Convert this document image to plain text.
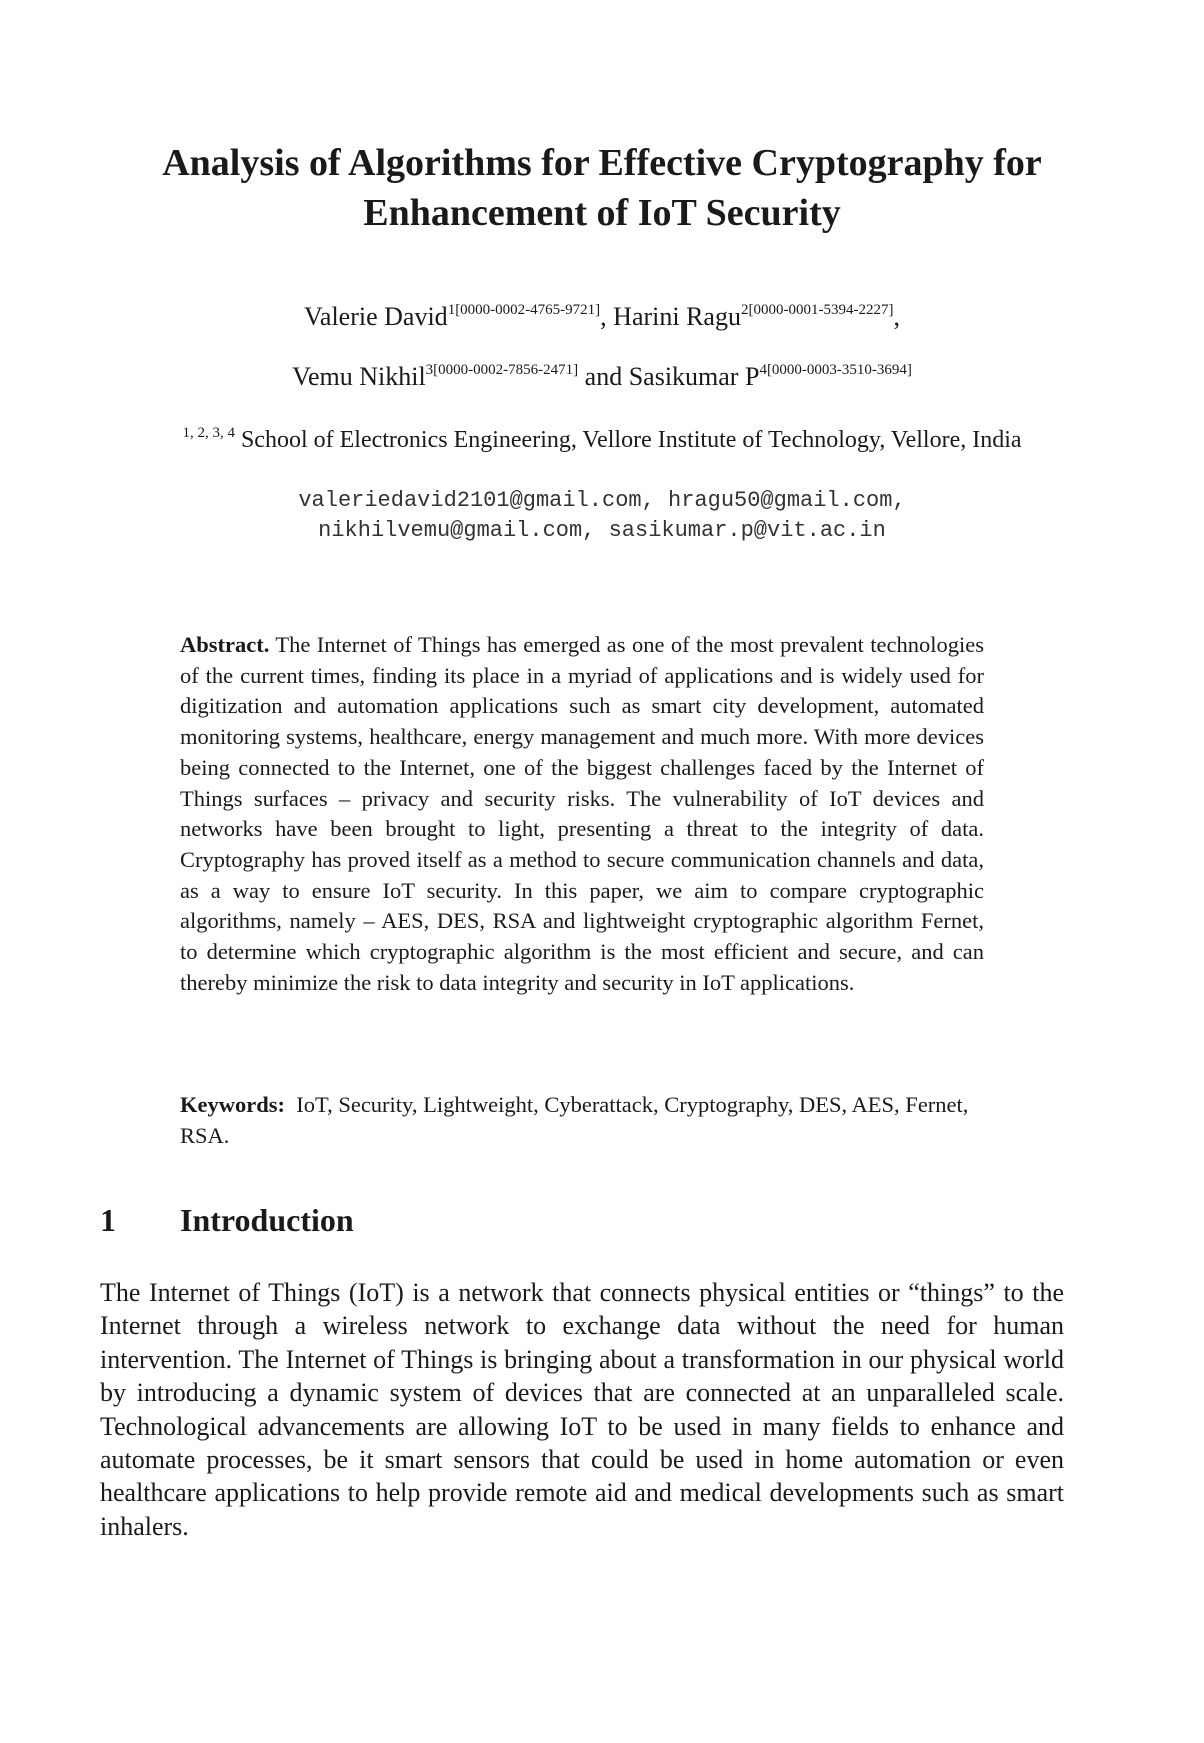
Analysis of Algorithms for Effective Cryptography for Enhancement of IoT Security

Valerie David$^{1[0000-0002-4765-9721]}$, Harini Ragu$^{2[0000-0001-5394-2227]}$,

Vemu Nikhil$^{3[0000-0002-7856-2471]}$ and Sasikumar $P^{4[0000-0003-3510-3694]}$

$^{1, 2, 3, 4}$ School of Electronics Engineering, Vellore Institute of Technology, Vellore, India

valeriedavid2101@gmail.com, hragu50@gmail.com,
nikhilvemu@gmail.com, sasikumar.p@vit.ac.in

Abstract. The Internet of Things has emerged as one of the most prevalent technologies of the current times, finding its place in a myriad of applications and is widely used for digitization and automation applications such as smart city development, automated monitoring systems, healthcare, energy management and much more. With more devices being connected to the Internet, one of the biggest challenges faced by the Internet of Things surfaces – privacy and security risks. The vulnerability of IoT devices and networks have been brought to light, presenting a threat to the integrity of data. Cryptography has proved itself as a method to secure communication channels and data, as a way to ensure IoT security. In this paper, we aim to compare cryptographic algorithms, namely – AES, DES, RSA and lightweight cryptographic algorithm Fernet, to determine which cryptographic algorithm is the most efficient and secure, and can thereby minimize the risk to data integrity and security in IoT applications.

Keywords: IoT, Security, Lightweight, Cyberattack, Cryptography, DES, AES, Fernet, RSA.

1	Introduction

The Internet of Things (IoT) is a network that connects physical entities or “things” to the Internet through a wireless network to exchange data without the need for human intervention. The Internet of Things is bringing about a transformation in our physical world by introducing a dynamic system of devices that are connected at an unparalleled scale. Technological advancements are allowing IoT to be used in many fields to enhance and automate processes, be it smart sensors that could be used in home automation or even healthcare applications to help provide remote aid and medical developments such as smart inhalers.
